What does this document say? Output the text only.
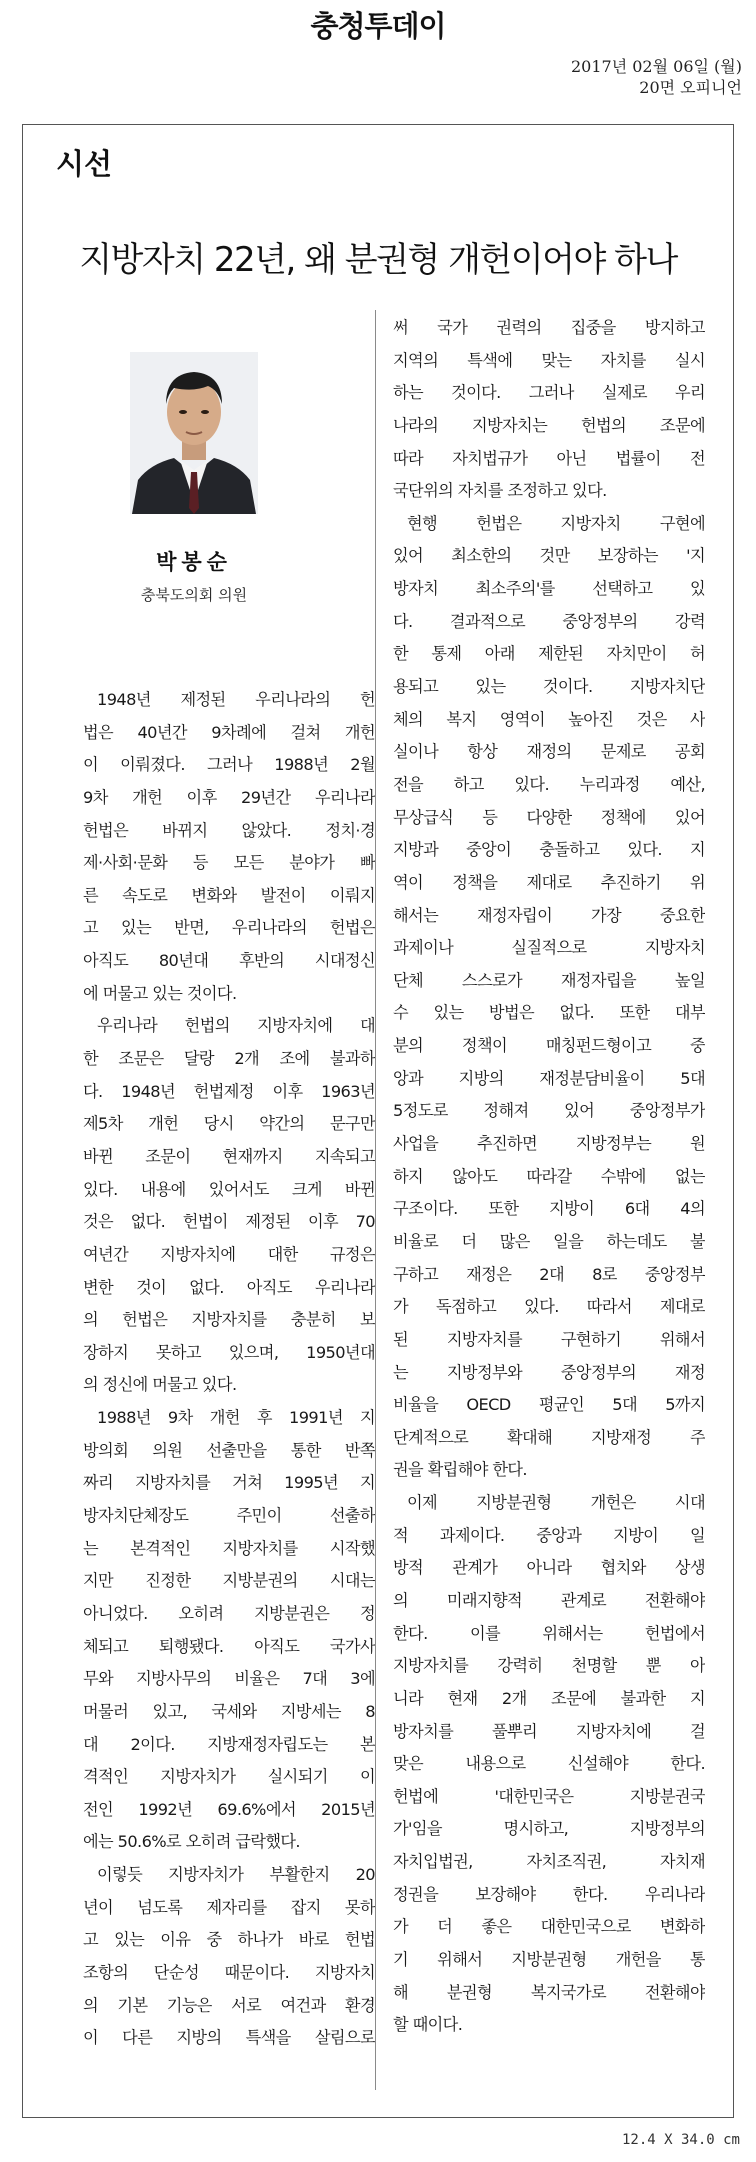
충청투데이
2017년 02월 06일 (월)
20면 오피니언
시선
지방자치 22년, 왜 분권형 개헌이어야 하나
박봉순
충북도의회 의원
1948년 제정된 우리나라의 헌
법은 40년간 9차례에 걸쳐 개헌
이 이뤄졌다. 그러나 1988년 2월
9차 개헌 이후 29년간 우리나라
헌법은 바뀌지 않았다. 정치·경
제·사회·문화 등 모든 분야가 빠
른 속도로 변화와 발전이 이뤄지
고 있는 반면, 우리나라의 헌법은
아직도 80년대 후반의 시대정신
에 머물고 있는 것이다.
우리나라 헌법의 지방자치에 대
한 조문은 달랑 2개 조에 불과하
다. 1948년 헌법제정 이후 1963년
제5차 개헌 당시 약간의 문구만
바뀐 조문이 현재까지 지속되고
있다. 내용에 있어서도 크게 바뀐
것은 없다. 헌법이 제정된 이후 70
여년간 지방자치에 대한 규정은
변한 것이 없다. 아직도 우리나라
의 헌법은 지방자치를 충분히 보
장하지 못하고 있으며, 1950년대
의 정신에 머물고 있다.
1988년 9차 개헌 후 1991년 지
방의회 의원 선출만을 통한 반쪽
짜리 지방자치를 거쳐 1995년 지
방자치단체장도 주민이 선출하
는 본격적인 지방자치를 시작했
지만 진정한 지방분권의 시대는
아니었다. 오히려 지방분권은 정
체되고 퇴행됐다. 아직도 국가사
무와 지방사무의 비율은 7대 3에
머물러 있고, 국세와 지방세는 8
대 2이다. 지방재정자립도는 본
격적인 지방자치가 실시되기 이
전인 1992년 69.6%에서 2015년
에는 50.6%로 오히려 급락했다.
이렇듯 지방자치가 부활한지 20
년이 넘도록 제자리를 잡지 못하
고 있는 이유 중 하나가 바로 헌법
조항의 단순성 때문이다. 지방자치
의 기본 기능은 서로 여건과 환경
이 다른 지방의 특색을 살림으로
써 국가 권력의 집중을 방지하고
지역의 특색에 맞는 자치를 실시
하는 것이다. 그러나 실제로 우리
나라의 지방자치는 헌법의 조문에
따라 자치법규가 아닌 법률이 전
국단위의 자치를 조정하고 있다.
현행 헌법은 지방자치 구현에
있어 최소한의 것만 보장하는 '지
방자치 최소주의'를 선택하고 있
다. 결과적으로 중앙정부의 강력
한 통제 아래 제한된 자치만이 허
용되고 있는 것이다. 지방자치단
체의 복지 영역이 높아진 것은 사
실이나 항상 재정의 문제로 공회
전을 하고 있다. 누리과정 예산,
무상급식 등 다양한 정책에 있어
지방과 중앙이 충돌하고 있다. 지
역이 정책을 제대로 추진하기 위
해서는 재정자립이 가장 중요한
과제이나 실질적으로 지방자치
단체 스스로가 재정자립을 높일
수 있는 방법은 없다. 또한 대부
분의 정책이 매칭펀드형이고 중
앙과 지방의 재정분담비율이 5대
5정도로 정해져 있어 중앙정부가
사업을 추진하면 지방정부는 원
하지 않아도 따라갈 수밖에 없는
구조이다. 또한 지방이 6대 4의
비율로 더 많은 일을 하는데도 불
구하고 재정은 2대 8로 중앙정부
가 독점하고 있다. 따라서 제대로
된 지방자치를 구현하기 위해서
는 지방정부와 중앙정부의 재정
비율을 OECD 평균인 5대 5까지
단계적으로 확대해 지방재정 주
권을 확립해야 한다.
이제 지방분권형 개헌은 시대
적 과제이다. 중앙과 지방이 일
방적 관계가 아니라 협치와 상생
의 미래지향적 관계로 전환해야
한다. 이를 위해서는 헌법에서
지방자치를 강력히 천명할 뿐 아
니라 현재 2개 조문에 불과한 지
방자치를 풀뿌리 지방자치에 걸
맞은 내용으로 신설해야 한다.
헌법에 '대한민국은 지방분권국
가'임을 명시하고, 지방정부의
자치입법권, 자치조직권, 자치재
정권을 보장해야 한다. 우리나라
가 더 좋은 대한민국으로 변화하
기 위해서 지방분권형 개헌을 통
해 분권형 복지국가로 전환해야
할 때이다.
12.4 X 34.0 cm
